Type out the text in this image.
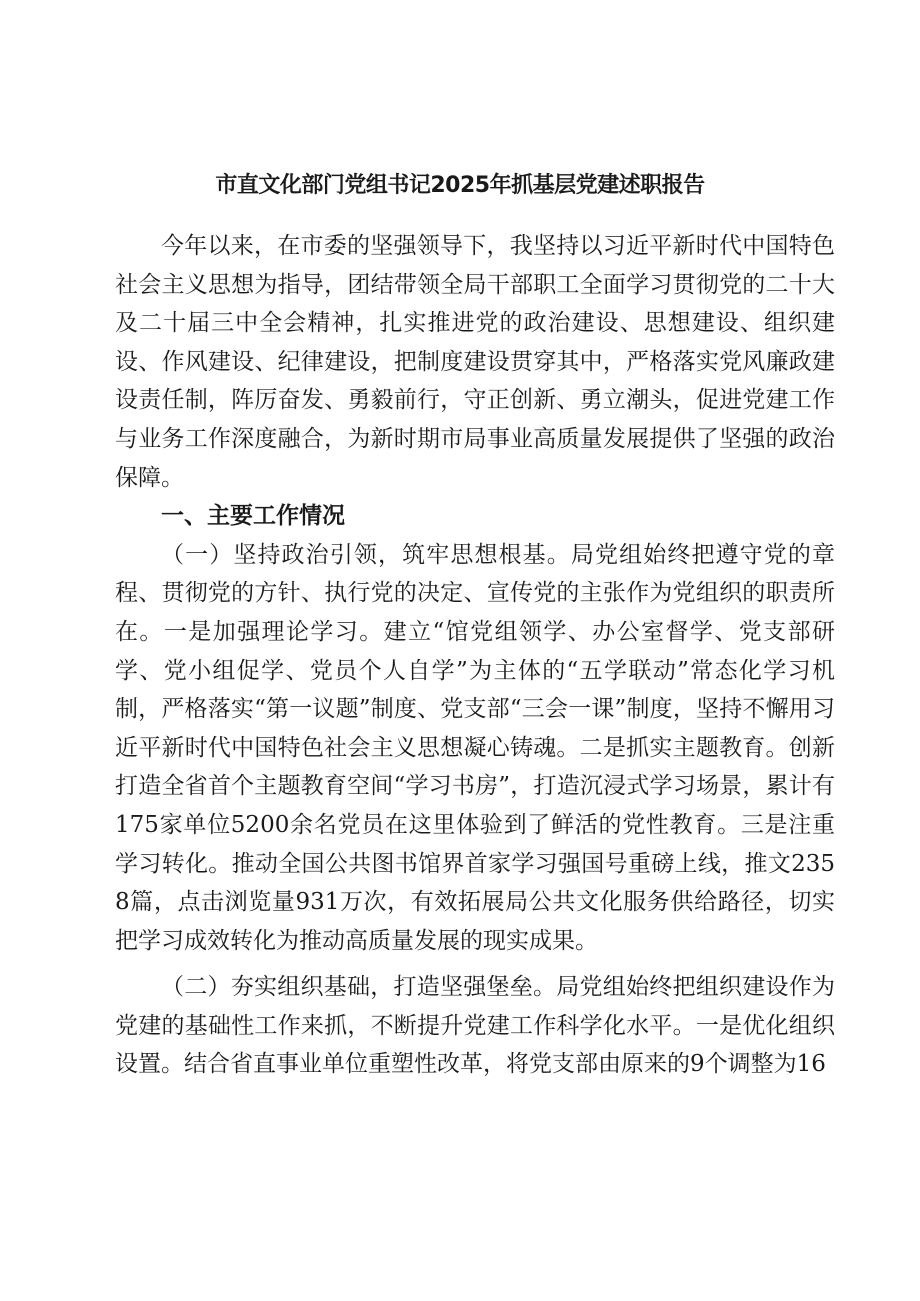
市直文化部门党组书记2025年抓基层党建述职报告

今年以来，在市委的坚强领导下，我坚持以习近平新时代中国特色社会主义思想为指导，团结带领全局干部职工全面学习贯彻党的二十大及二十届三中全会精神，扎实推进党的政治建设、思想建设、组织建设、作风建设、纪律建设，把制度建设贯穿其中，严格落实党风廉政建设责任制，阵厉奋发、勇毅前行，守正创新、勇立潮头，促进党建工作与业务工作深度融合，为新时期市局事业高质量发展提供了坚强的政治保障。

一、主要工作情况

（一）坚持政治引领，筑牢思想根基。局党组始终把遵守党的章程、贯彻党的方针、执行党的决定、宣传党的主张作为党组织的职责所在。一是加强理论学习。建立“馆党组领学、办公室督学、党支部研学、党小组促学、党员个人自学”为主体的“五学联动”常态化学习机制，严格落实“第一议题”制度、党支部“三会一课”制度，坚持不懈用习近平新时代中国特色社会主义思想凝心铸魂。二是抓实主题教育。创新打造全省首个主题教育空间“学习书房”，打造沉浸式学习场景，累计有175家单位5200余名党员在这里体验到了鲜活的党性教育。三是注重学习转化。推动全国公共图书馆界首家学习强国号重磅上线，推文2358篇，点击浏览量931万次，有效拓展局公共文化服务供给路径，切实把学习成效转化为推动高质量发展的现实成果。

（二）夯实组织基础，打造坚强堡垒。局党组始终把组织建设作为党建的基础性工作来抓，不断提升党建工作科学化水平。一是优化组织设置。结合省直事业单位重塑性改革，将党支部由原来的9个调整为16
